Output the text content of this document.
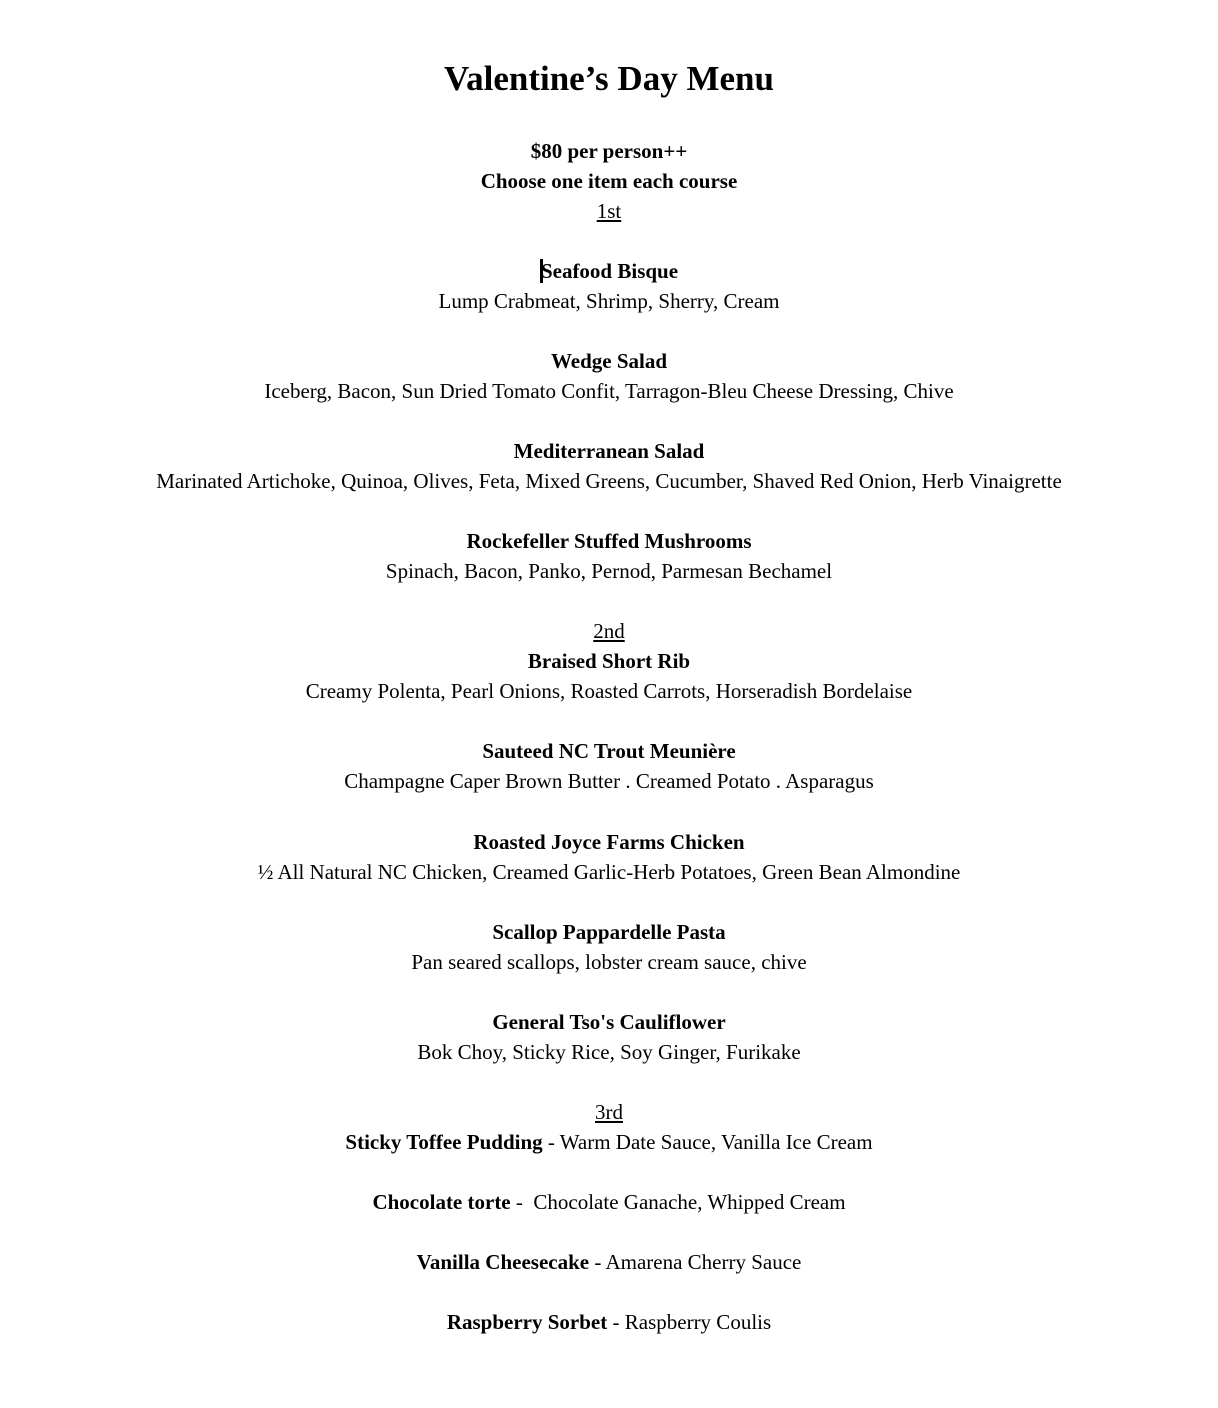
Valentine’s Day Menu
$80 per person++
Choose one item each course
1st
Seafood Bisque
Lump Crabmeat, Shrimp, Sherry, Cream
Wedge Salad
Iceberg, Bacon, Sun Dried Tomato Confit, Tarragon-Bleu Cheese Dressing, Chive
Mediterranean Salad
Marinated Artichoke, Quinoa, Olives, Feta, Mixed Greens, Cucumber, Shaved Red Onion, Herb Vinaigrette
Rockefeller Stuffed Mushrooms
Spinach, Bacon, Panko, Pernod, Parmesan Bechamel
2nd
Braised Short Rib
Creamy Polenta, Pearl Onions, Roasted Carrots, Horseradish Bordelaise
Sauteed NC Trout Meunière
Champagne Caper Brown Butter . Creamed Potato . Asparagus
Roasted Joyce Farms Chicken
½ All Natural NC Chicken, Creamed Garlic-Herb Potatoes, Green Bean Almondine
Scallop Pappardelle Pasta
Pan seared scallops, lobster cream sauce, chive
General Tso's Cauliflower
Bok Choy, Sticky Rice, Soy Ginger, Furikake
3rd
Sticky Toffee Pudding - Warm Date Sauce, Vanilla Ice Cream
Chocolate torte -  Chocolate Ganache, Whipped Cream
Vanilla Cheesecake - Amarena Cherry Sauce
Raspberry Sorbet - Raspberry Coulis
